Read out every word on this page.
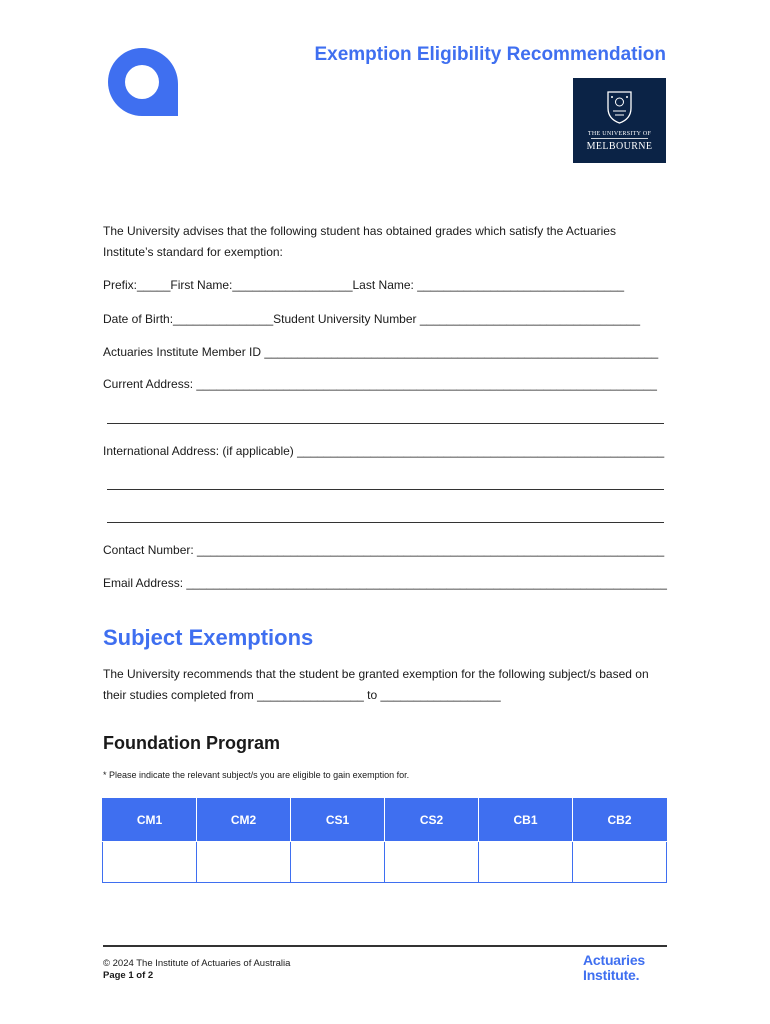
Exemption Eligibility Recommendation
THE UNIVERSITY OF
MELBOURNE

The University advises that the following student has obtained grades which satisfy the Actuaries Institute’s standard for exemption:

Prefix:_____First Name:__________________Last Name: _______________________________
Date of Birth:_______________Student University Number _________________________________
Actuaries Institute Member ID ___________________________________________________________
Current Address: _____________________________________________________________________
International Address: (if applicable) _______________________________________________________
Contact Number: ______________________________________________________________________
Email Address: ________________________________________________________________________
Subject Exemptions

The University recommends that the student be granted exemption for the following subject/s based on their studies completed from ________________ to __________________

Foundation Program
* Please indicate the relevant subject/s you are eligible to gain exemption for.
CM1	CM2	CS1	CS2	CB1	CB2

© 2024 The Institute of Actuaries of Australia
Page 1 of 2
Actuaries
Institute.
